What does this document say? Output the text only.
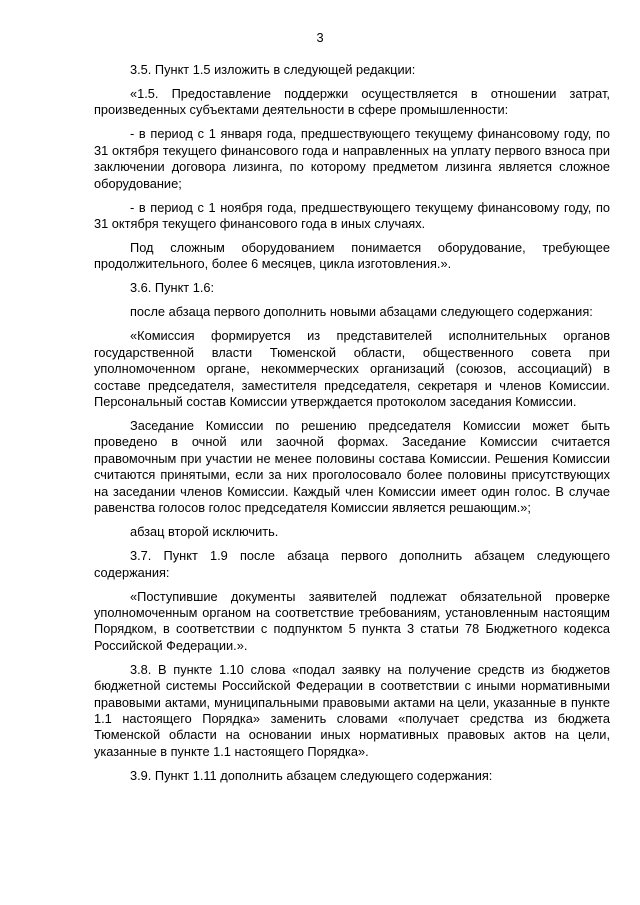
3

3.5. Пункт 1.5 изложить в следующей редакции:

«1.5. Предоставление поддержки осуществляется в отношении затрат, произведенных субъектами деятельности в сфере промышленности:

- в период с 1 января года, предшествующего текущему финансовому году, по 31 октября текущего финансового года и направленных на уплату первого взноса при заключении договора лизинга, по которому предметом лизинга является сложное оборудование;

- в период с 1 ноября года, предшествующего текущему финансовому году, по 31 октября текущего финансового года в иных случаях.

Под сложным оборудованием понимается оборудование, требующее продолжительного, более 6 месяцев, цикла изготовления.».

3.6. Пункт 1.6:

после абзаца первого дополнить новыми абзацами следующего содержания:

«Комиссия формируется из представителей исполнительных органов государственной власти Тюменской области, общественного совета при уполномоченном органе, некоммерческих организаций (союзов, ассоциаций) в составе председателя, заместителя председателя, секретаря и членов Комиссии. Персональный состав Комиссии утверждается протоколом заседания Комиссии.

Заседание Комиссии по решению председателя Комиссии может быть проведено в очной или заочной формах. Заседание Комиссии считается правомочным при участии не менее половины состава Комиссии. Решения Комиссии считаются принятыми, если за них проголосовало более половины присутствующих на заседании членов Комиссии. Каждый член Комиссии имеет один голос. В случае равенства голосов голос председателя Комиссии является решающим.»;

абзац второй исключить.

3.7. Пункт 1.9 после абзаца первого дополнить абзацем следующего содержания:

«Поступившие документы заявителей подлежат обязательной проверке уполномоченным органом на соответствие требованиям, установленным настоящим Порядком, в соответствии с подпунктом 5 пункта 3 статьи 78 Бюджетного кодекса Российской Федерации.».

3.8. В пункте 1.10 слова «подал заявку на получение средств из бюджетов бюджетной системы Российской Федерации в соответствии с иными нормативными правовыми актами, муниципальными правовыми актами на цели, указанные в пункте 1.1 настоящего Порядка» заменить словами «получает средства из бюджета Тюменской области на основании иных нормативных правовых актов на цели, указанные в пункте 1.1 настоящего Порядка».

3.9. Пункт 1.11 дополнить абзацем следующего содержания:
